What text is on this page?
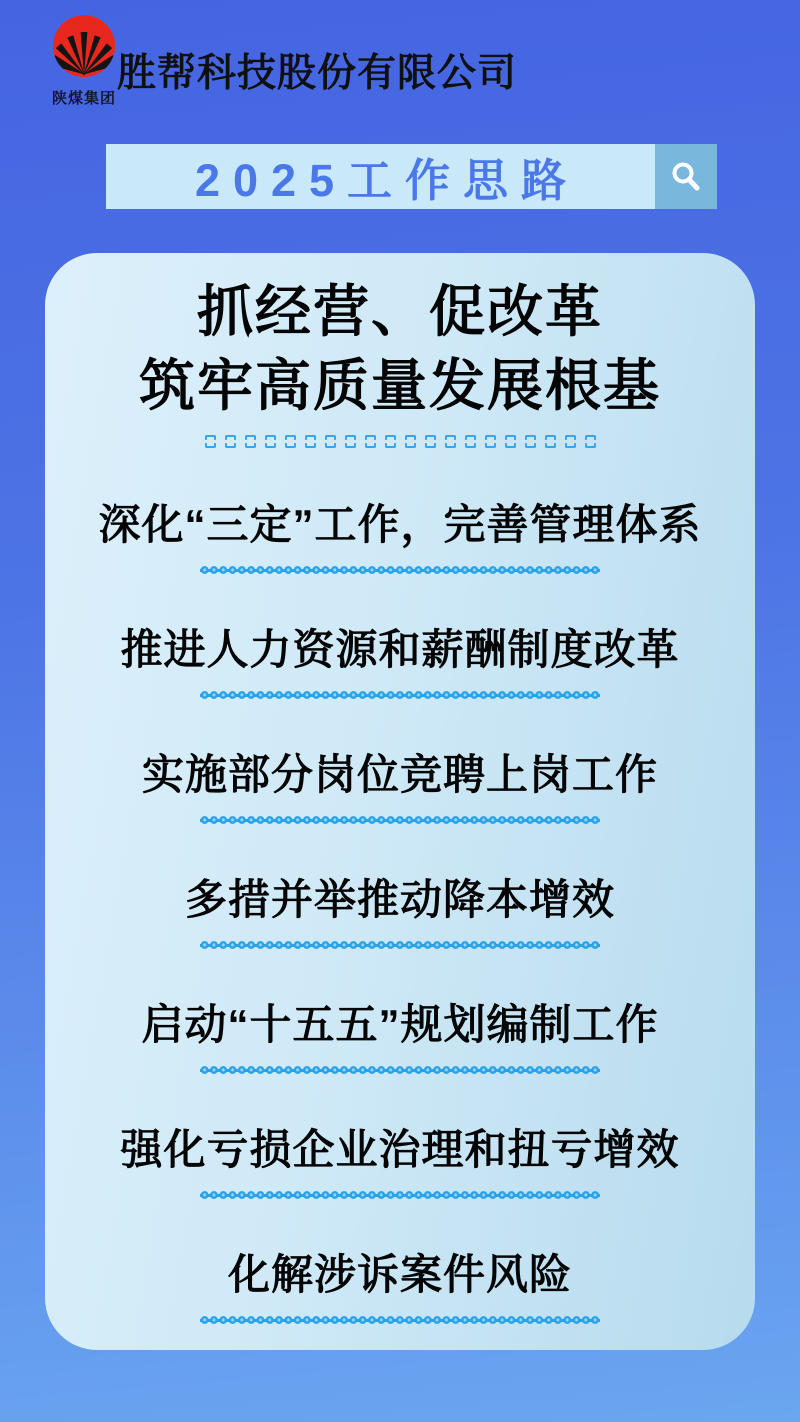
陕煤集团
胜帮科技股份有限公司
2025工作思路
抓经营、促改革
筑牢高质量发展根基
深化“三定”工作，完善管理体系
推进人力资源和薪酬制度改革
实施部分岗位竞聘上岗工作
多措并举推动降本增效
启动“十五五”规划编制工作
强化亏损企业治理和扭亏增效
化解涉诉案件风险
